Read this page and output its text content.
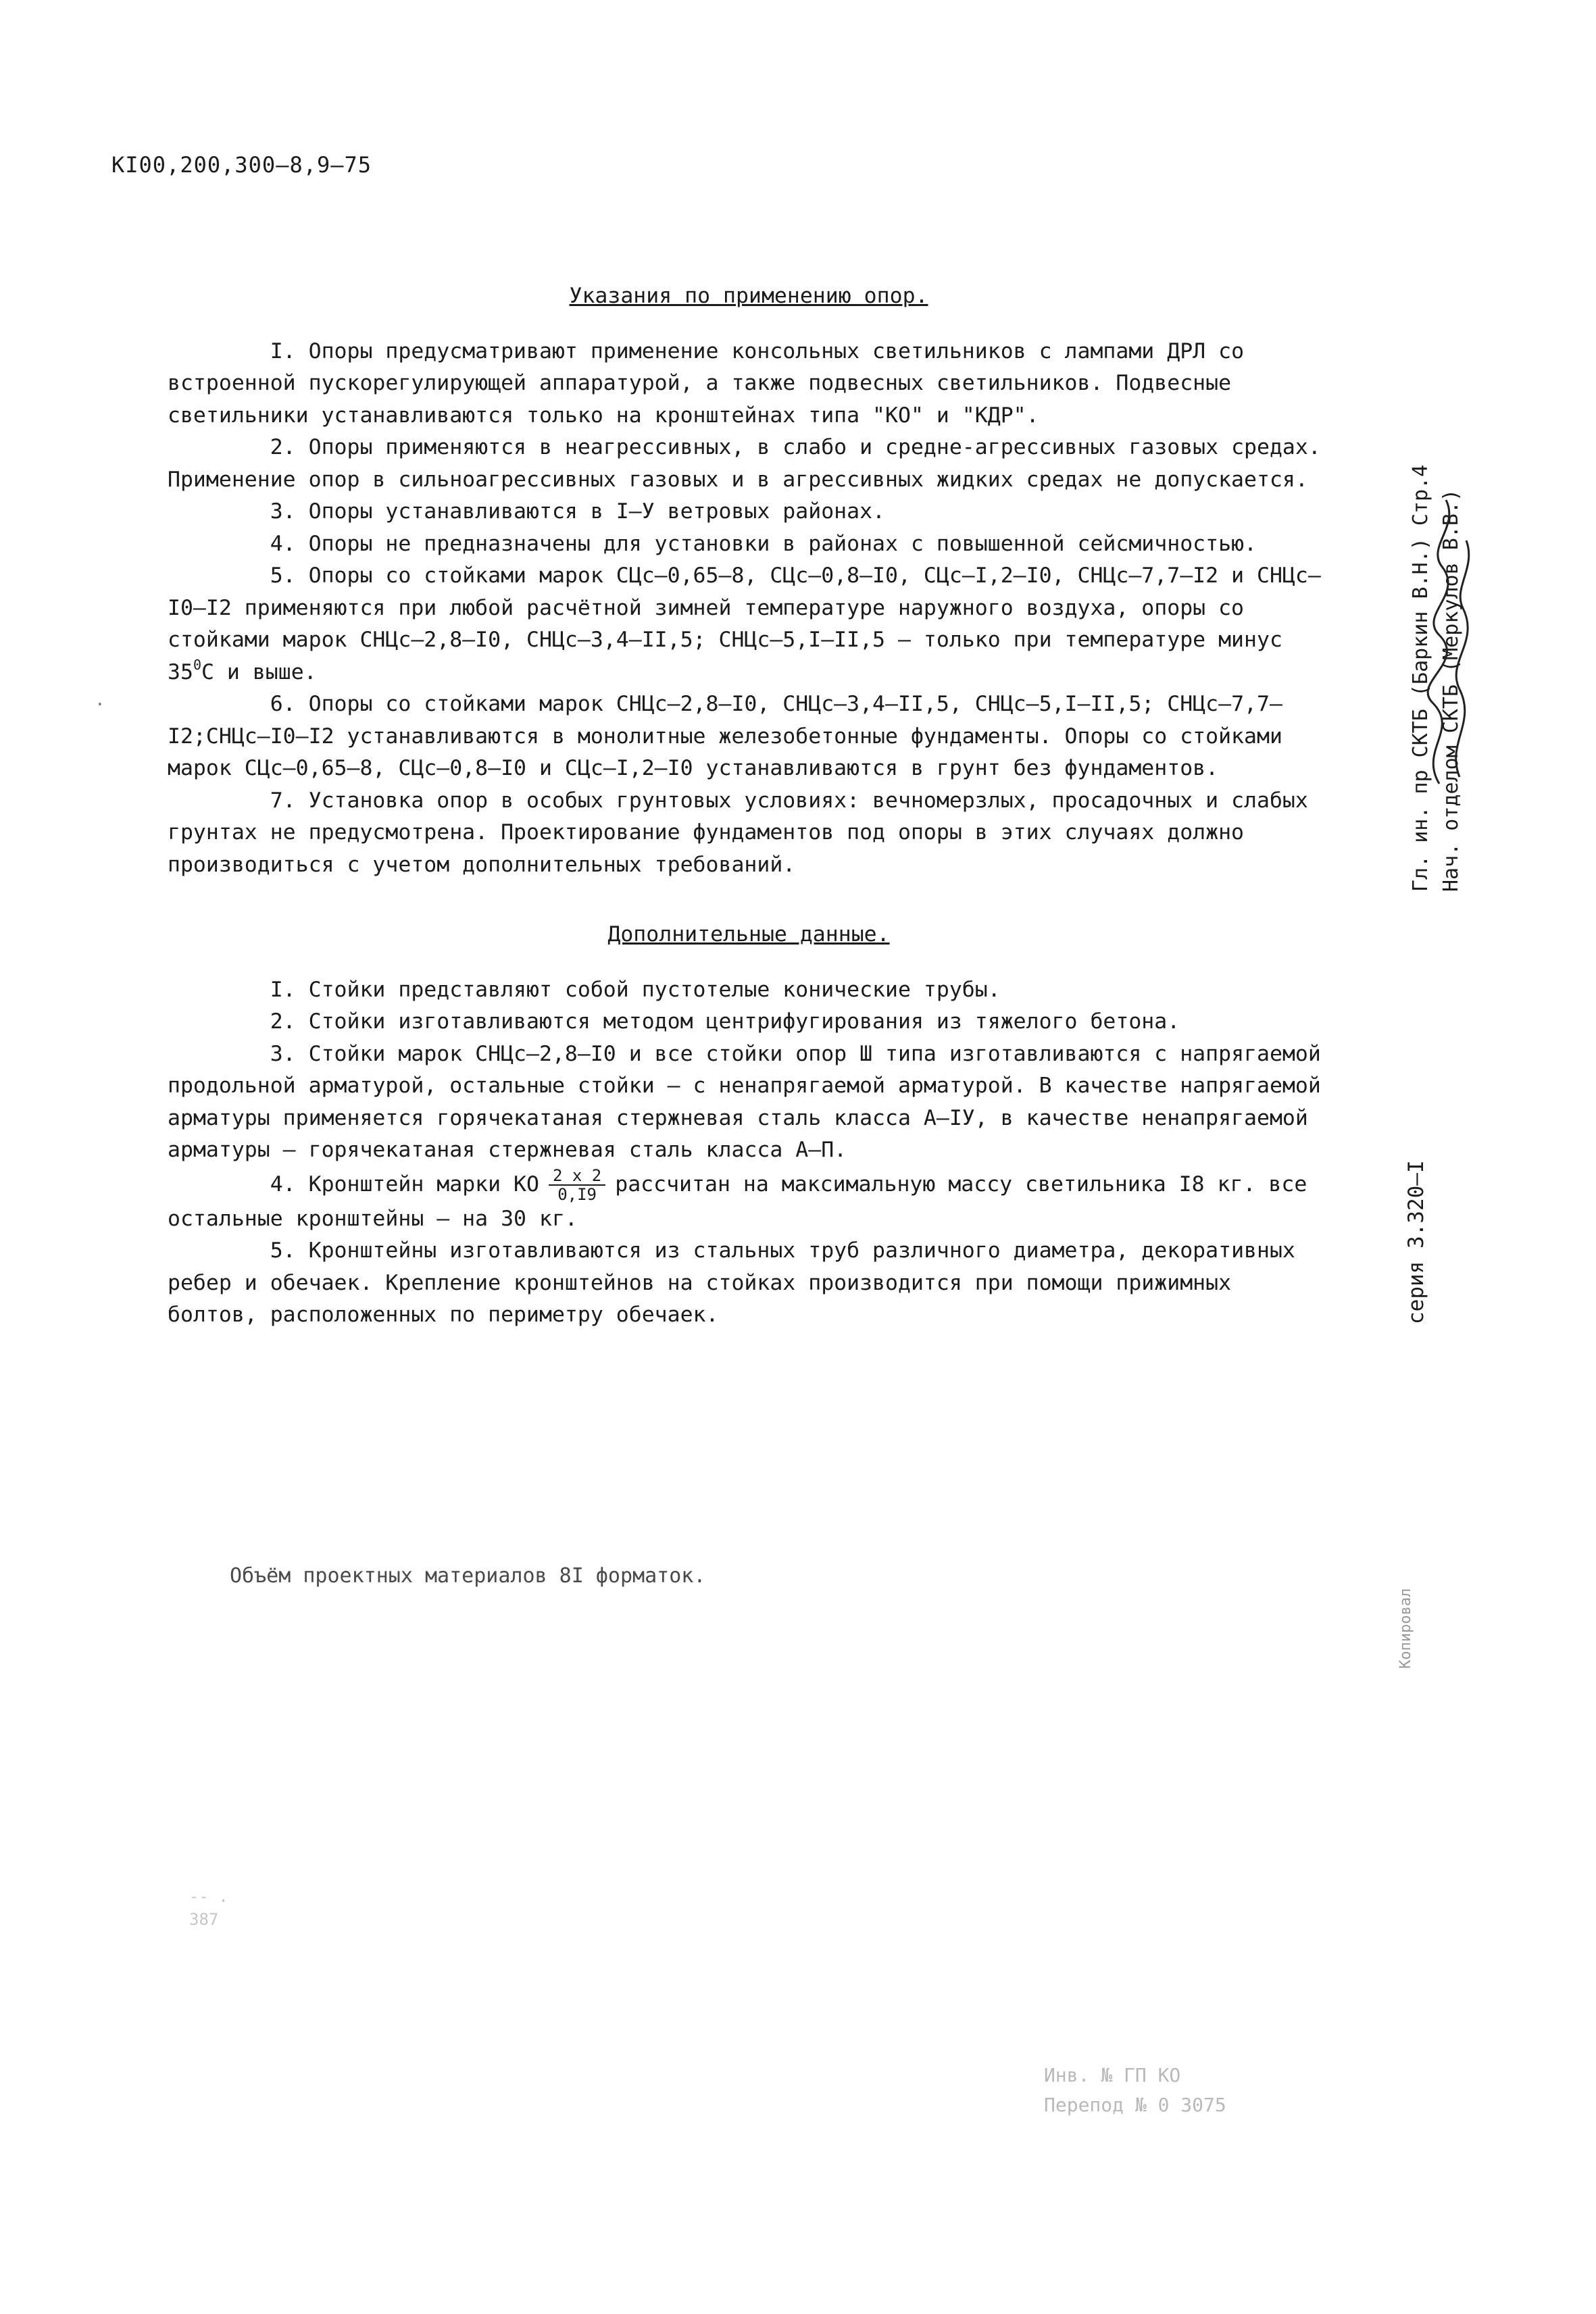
КI00,200,300–8,9–75
Указания по применению опор.

I. Опоры предусматривают применение консольных светильников с лампами ДРЛ со встроенной пускорегулирующей аппаратурой, а также подвесных светильников. Подвесные светильники устанавливаются только на кронштейнах типа "КО" и "КДР".

2. Опоры применяются в неагрессивных, в слабо и средне-агрессивных газовых средах. Применение опор в сильноагрессивных газовых и в агрессивных жидких средах не допускается.

3. Опоры устанавливаются в I–У ветровых районах.

4. Опоры не предназначены для установки в районах с повышенной сейсмичностью.

5. Опоры со стойками марок СЦс–0,65–8, СЦс–0,8–I0, СЦс–I,2–I0, СНЦс–7,7–I2 и СНЦс–I0–I2 применяются при любой расчётной зимней температуре наружного воздуха, опоры со стойками марок СНЦс–2,8–I0, СНЦс–3,4–II,5; СНЦс–5,I–II,5 – только при температуре минус $35^0С$ и выше.

6. Опоры со стойками марок СНЦс–2,8–I0, СНЦс–3,4–II,5, СНЦс–5,I–II,5; СНЦс–7,7–I2;СНЦс–I0–I2 устанавливаются в монолитные железобетонные фундаменты. Опоры со стойками марок СЦс–0,65–8, СЦс–0,8–I0 и СЦс–I,2–I0 устанавливаются в грунт без фундаментов.

7. Установка опор в особых грунтовых условиях: вечномерзлых, просадочных и слабых грунтах не предусмотрена. Проектирование фундаментов под опоры в этих случаях должно производиться с учетом дополнительных требований.

·
Дополнительные данные.

I. Стойки представляют собой пустотелые конические трубы.

2. Стойки изготавливаются методом центрифугирования из тяжелого бетона.

3. Стойки марок СНЦс–2,8–I0 и все стойки опор Ш типа изготавливаются с напрягаемой продольной арматурой, остальные стойки – с ненапрягаемой арматурой. В качестве напрягаемой арматуры применяется горячекатаная стержневая сталь класса А–IУ, в качестве ненапрягаемой арматуры – горячекатаная стержневая сталь класса А–П.

4. Кронштейн марки КО $\frac{2 х 2}{0,I9}$ рассчитан на максимальную массу светильника I8 кг. все остальные кронштейны – на 30 кг.

5. Кронштейны изготавливаются из стальных труб различного диаметра, декоративных ребер и обечаек. Крепление кронштейнов на стойках производится при помощи прижимных болтов, расположенных по периметру обечаек.

Объём проектных материалов 8I форматок.
Гл. ин. пр СКТБ (Баркин В.Н.) Стр.4 Нач. отделом СКТБ (Меркулов В.В.)
серия 3.320–I
Копировал
Инв. № ГП КО
Перепод № 0 3075
-- .
387
